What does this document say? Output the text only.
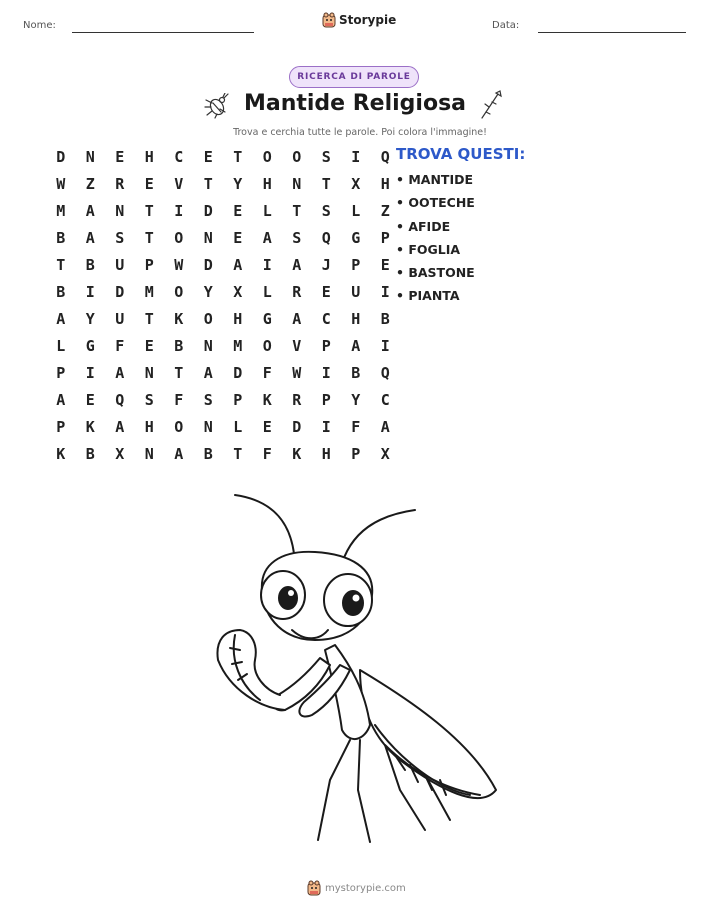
Nome:	Storypie	Data:
RICERCA DI PAROLE
Mantide Religiosa
Trova e cerchia tutte le parole. Poi colora l'immagine!
D	N	E	H	C	E	T	O	O	S	I	Q
W	Z	R	E	V	T	Y	H	N	T	X	H
M	A	N	T	I	D	E	L	T	S	L	Z
B	A	S	T	O	N	E	A	S	Q	G	P
T	B	U	P	W	D	A	I	A	J	P	E
B	I	D	M	O	Y	X	L	R	E	U	I
A	Y	U	T	K	O	H	G	A	C	H	B
L	G	F	E	B	N	M	O	V	P	A	I
P	I	A	N	T	A	D	F	W	I	B	Q
A	E	Q	S	F	S	P	K	R	P	Y	C
P	K	A	H	O	N	L	E	D	I	F	A
K	B	X	N	A	B	T	F	K	H	P	X
TROVA QUESTI:
• MANTIDE
• OOTECHE
• AFIDE
• FOGLIA
• BASTONE
• PIANTA
mystorypie.com
